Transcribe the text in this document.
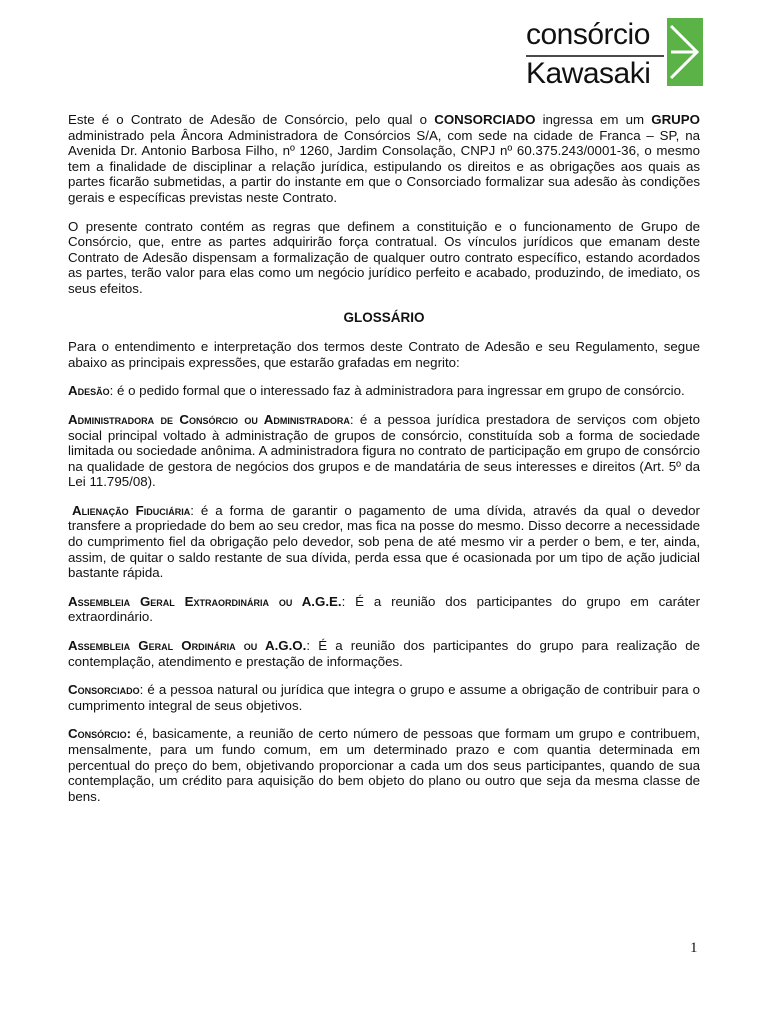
consórcio
Kawasaki

Este é o Contrato de Adesão de Consórcio, pelo qual o CONSORCIADO ingressa em um GRUPO administrado pela Âncora Administradora de Consórcios S/A, com sede na cidade de Franca – SP, na Avenida Dr. Antonio Barbosa Filho, nº 1260, Jardim Consolação, CNPJ nº 60.375.243/0001-36, o mesmo tem a finalidade de disciplinar a relação jurídica, estipulando os direitos e as obrigações aos quais as partes ficarão submetidas, a partir do instante em que o Consorciado formalizar sua adesão às condições gerais e específicas previstas neste Contrato.

O presente contrato contém as regras que definem a constituição e o funcionamento de Grupo de Consórcio, que, entre as partes adquirirão força contratual. Os vínculos jurídicos que emanam deste Contrato de Adesão dispensam a formalização de qualquer outro contrato específico, estando acordados as partes, terão valor para elas como um negócio jurídico perfeito e acabado, produzindo, de imediato, os seus efeitos.

GLOSSÁRIO

Para o entendimento e interpretação dos termos deste Contrato de Adesão e seu Regulamento, segue abaixo as principais expressões, que estarão grafadas em negrito:

Adesão: é o pedido formal que o interessado faz à administradora para ingressar em grupo de consórcio.

Administradora de Consórcio ou Administradora: é a pessoa jurídica prestadora de serviços com objeto social principal voltado à administração de grupos de consórcio, constituída sob a forma de sociedade limitada ou sociedade anônima. A administradora figura no contrato de participação em grupo de consórcio na qualidade de gestora de negócios dos grupos e de mandatária de seus interesses e direitos (Art. 5º da Lei 11.795/08).

Alienação Fiduciária: é a forma de garantir o pagamento de uma dívida, através da qual o devedor transfere a propriedade do bem ao seu credor, mas fica na posse do mesmo. Disso decorre a necessidade do cumprimento fiel da obrigação pelo devedor, sob pena de até mesmo vir a perder o bem, e ter, ainda, assim, de quitar o saldo restante de sua dívida, perda essa que é ocasionada por um tipo de ação judicial bastante rápida.

Assembleia Geral Extraordinária ou A.G.E.: É a reunião dos participantes do grupo em caráter extraordinário.

Assembleia Geral Ordinária ou A.G.O.: É a reunião dos participantes do grupo para realização de contemplação, atendimento e prestação de informações.

Consorciado: é a pessoa natural ou jurídica que integra o grupo e assume a obrigação de contribuir para o cumprimento integral de seus objetivos.

Consórcio: é, basicamente, a reunião de certo número de pessoas que formam um grupo e contribuem, mensalmente, para um fundo comum, em um determinado prazo e com quantia determinada em percentual do preço do bem, objetivando proporcionar a cada um dos seus participantes, quando de sua contemplação, um crédito para aquisição do bem objeto do plano ou outro que seja da mesma classe de bens.

1
